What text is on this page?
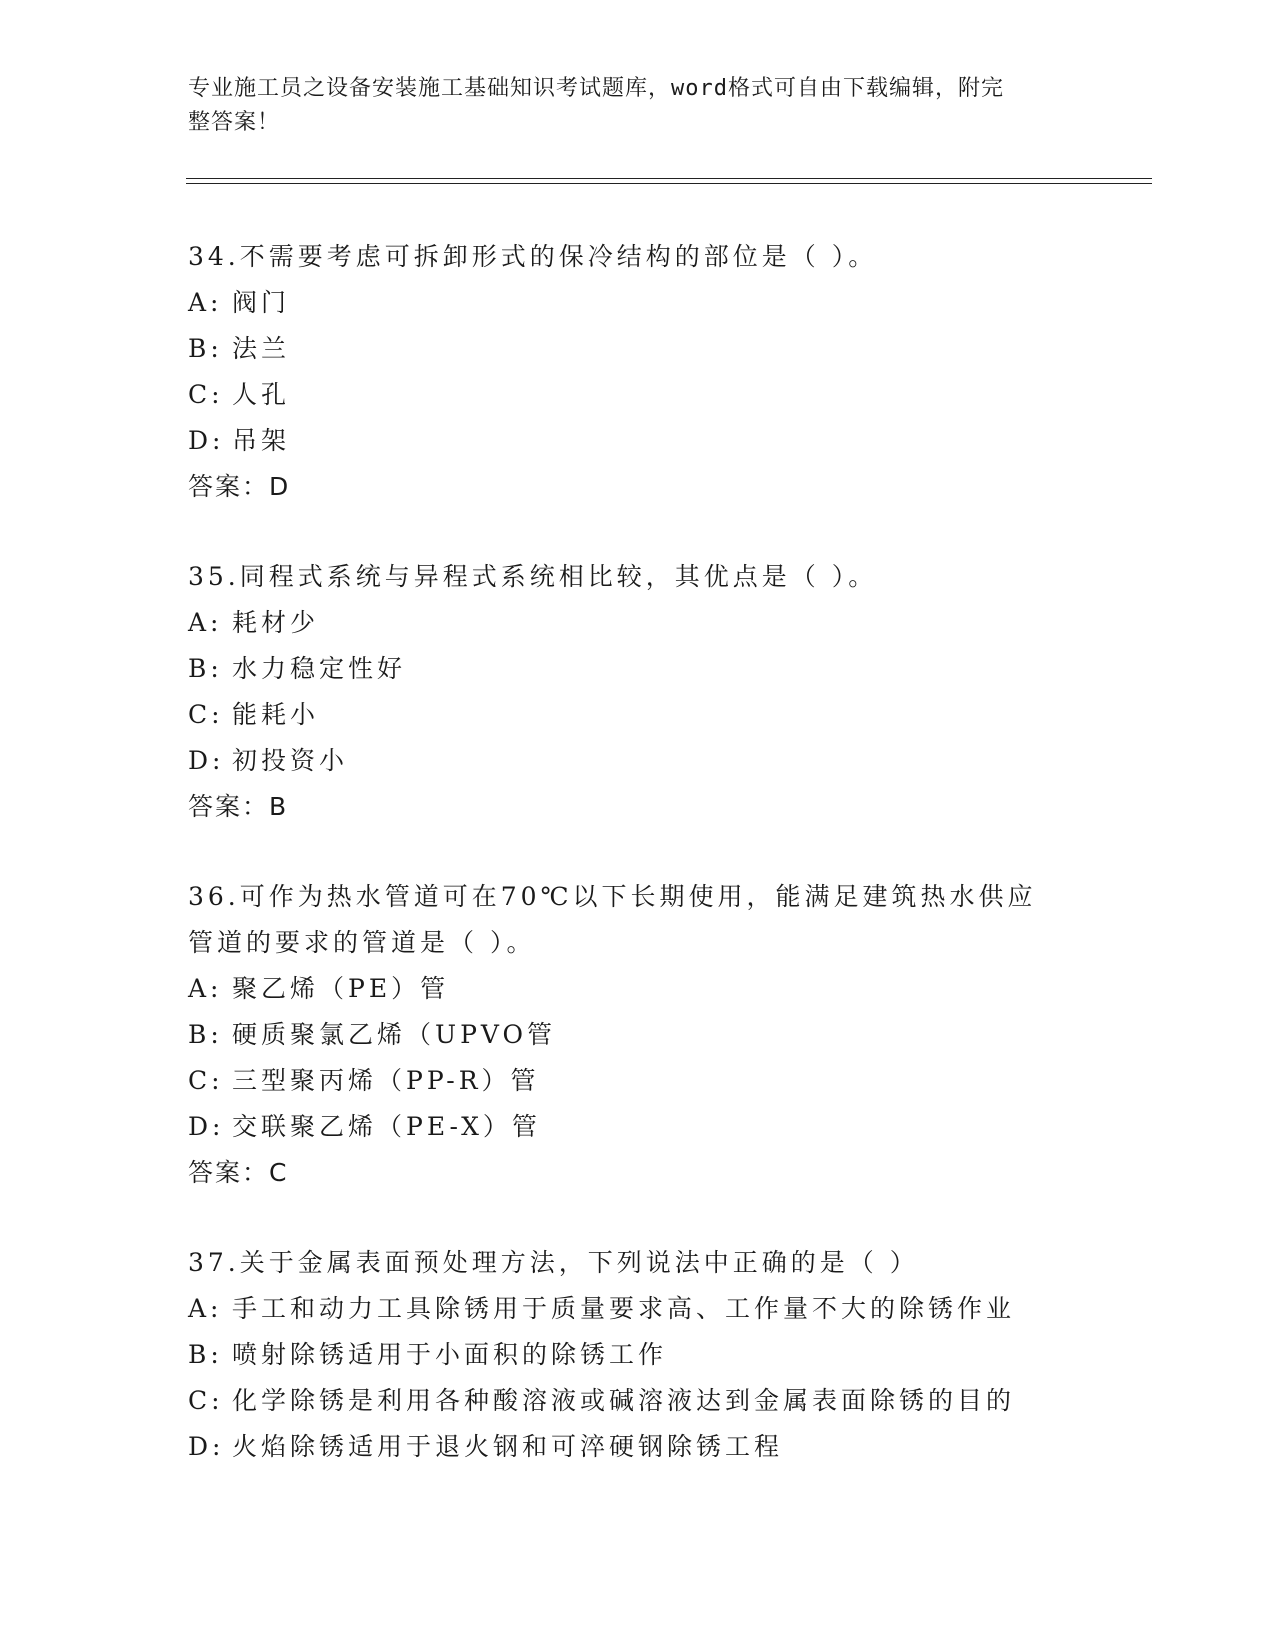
专业施工员之设备安装施工基础知识考试题库，word格式可自由下载编辑，附完
整答案！

34.不需要考虑可拆卸形式的保冷结构的部位是（ ）。

A: 阀门

B: 法兰

C: 人孔

D: 吊架

答案：D

35.同程式系统与异程式系统相比较，其优点是（ ）。

A: 耗材少

B: 水力稳定性好

C: 能耗小

D: 初投资小

答案：B

36.可作为热水管道可在70℃以下长期使用，能满足建筑热水供应管道的要求的管道是（ ）。

A: 聚乙烯（PE）管

B: 硬质聚氯乙烯（UPVO管

C: 三型聚丙烯（PP-R）管

D: 交联聚乙烯（PE-X）管

答案：C

37.关于金属表面预处理方法，下列说法中正确的是（ ）

A: 手工和动力工具除锈用于质量要求高、工作量不大的除锈作业

B: 喷射除锈适用于小面积的除锈工作

C: 化学除锈是利用各种酸溶液或碱溶液达到金属表面除锈的目的

D: 火焰除锈适用于退火钢和可淬硬钢除锈工程
